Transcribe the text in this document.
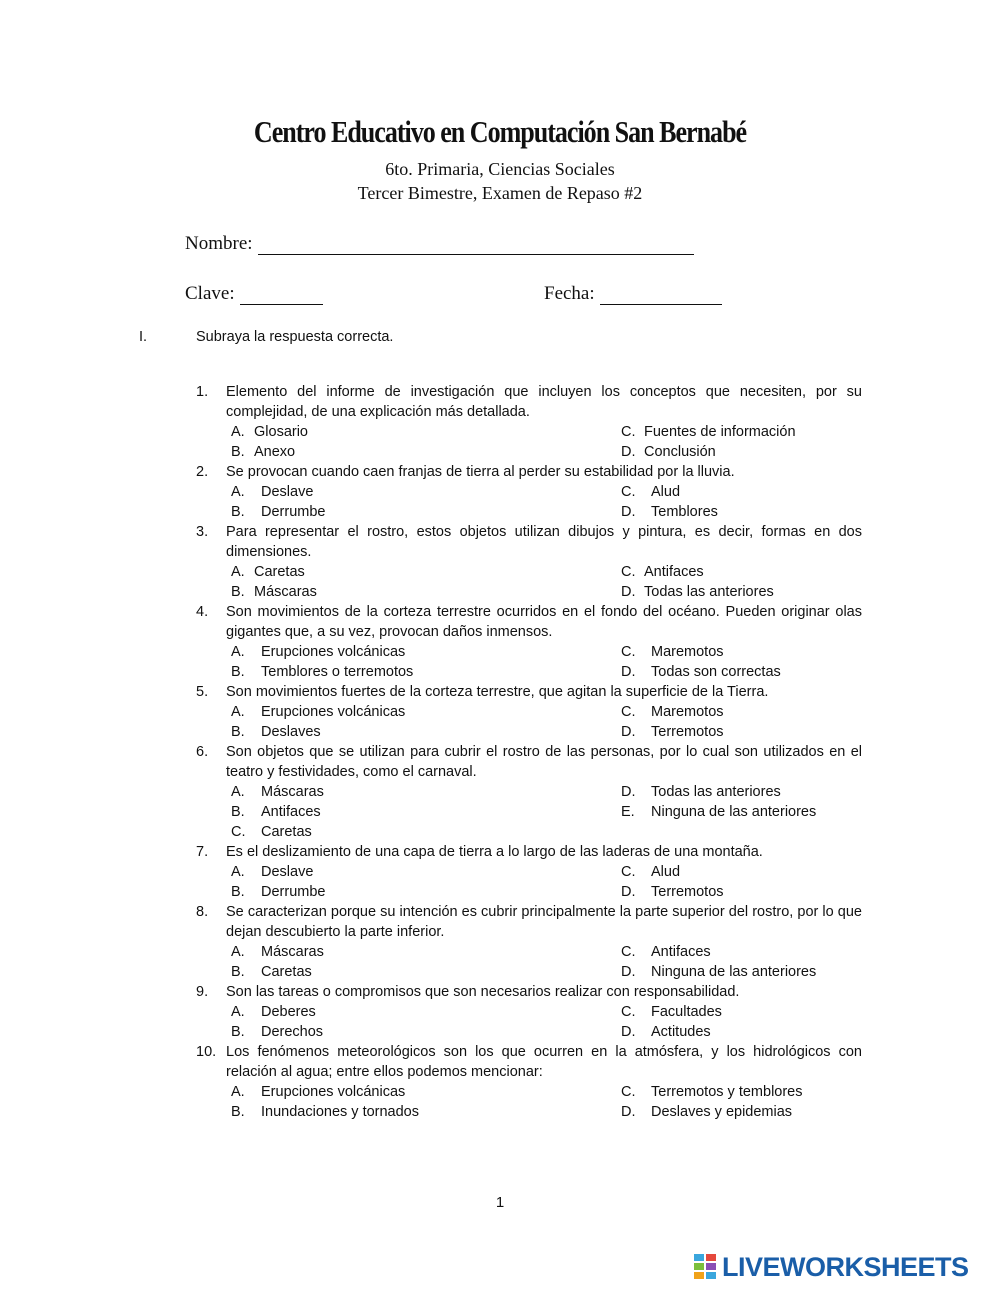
Centro Educativo en Computación San Bernabé
6to. Primaria, Ciencias Sociales
Tercer Bimestre, Examen de Repaso #2
Nombre:
Clave:	Fecha:
I.	Subraya la respuesta correcta.
1. Elemento del informe de investigación que incluyen los conceptos que necesiten, por su complejidad, de una explicación más detallada.
A. Glosario	C. Fuentes de información
B. Anexo	D. Conclusión
2. Se provocan cuando caen franjas de tierra al perder su estabilidad por la lluvia.
A. Deslave	C. Alud
B. Derrumbe	D. Temblores
3. Para representar el rostro, estos objetos utilizan dibujos y pintura, es decir, formas en dos dimensiones.
A. Caretas	C. Antifaces
B. Máscaras	D. Todas las anteriores
4. Son movimientos de la corteza terrestre ocurridos en el fondo del océano. Pueden originar olas gigantes que, a su vez, provocan daños inmensos.
A. Erupciones volcánicas	C. Maremotos
B. Temblores o terremotos	D. Todas son correctas
5. Son movimientos fuertes de la corteza terrestre, que agitan la superficie de la Tierra.
A. Erupciones volcánicas	C. Maremotos
B. Deslaves	D. Terremotos
6. Son objetos que se utilizan para cubrir el rostro de las personas, por lo cual son utilizados en el teatro y festividades, como el carnaval.
A. Máscaras	D. Todas las anteriores
B. Antifaces	E. Ninguna de las anteriores
C. Caretas
7. Es el deslizamiento de una capa de tierra a lo largo de las laderas de una montaña.
A. Deslave	C. Alud
B. Derrumbe	D. Terremotos
8. Se caracterizan porque su intención es cubrir principalmente la parte superior del rostro, por lo que dejan descubierto la parte inferior.
A. Máscaras	C. Antifaces
B. Caretas	D. Ninguna de las anteriores
9. Son las tareas o compromisos que son necesarios realizar con responsabilidad.
A. Deberes	C. Facultades
B. Derechos	D. Actitudes
10. Los fenómenos meteorológicos son los que ocurren en la atmósfera, y los hidrológicos con relación al agua; entre ellos podemos mencionar:
A. Erupciones volcánicas	C. Terremotos y temblores
B. Inundaciones y tornados	D. Deslaves y epidemias
1
LIVEWORKSHEETS
